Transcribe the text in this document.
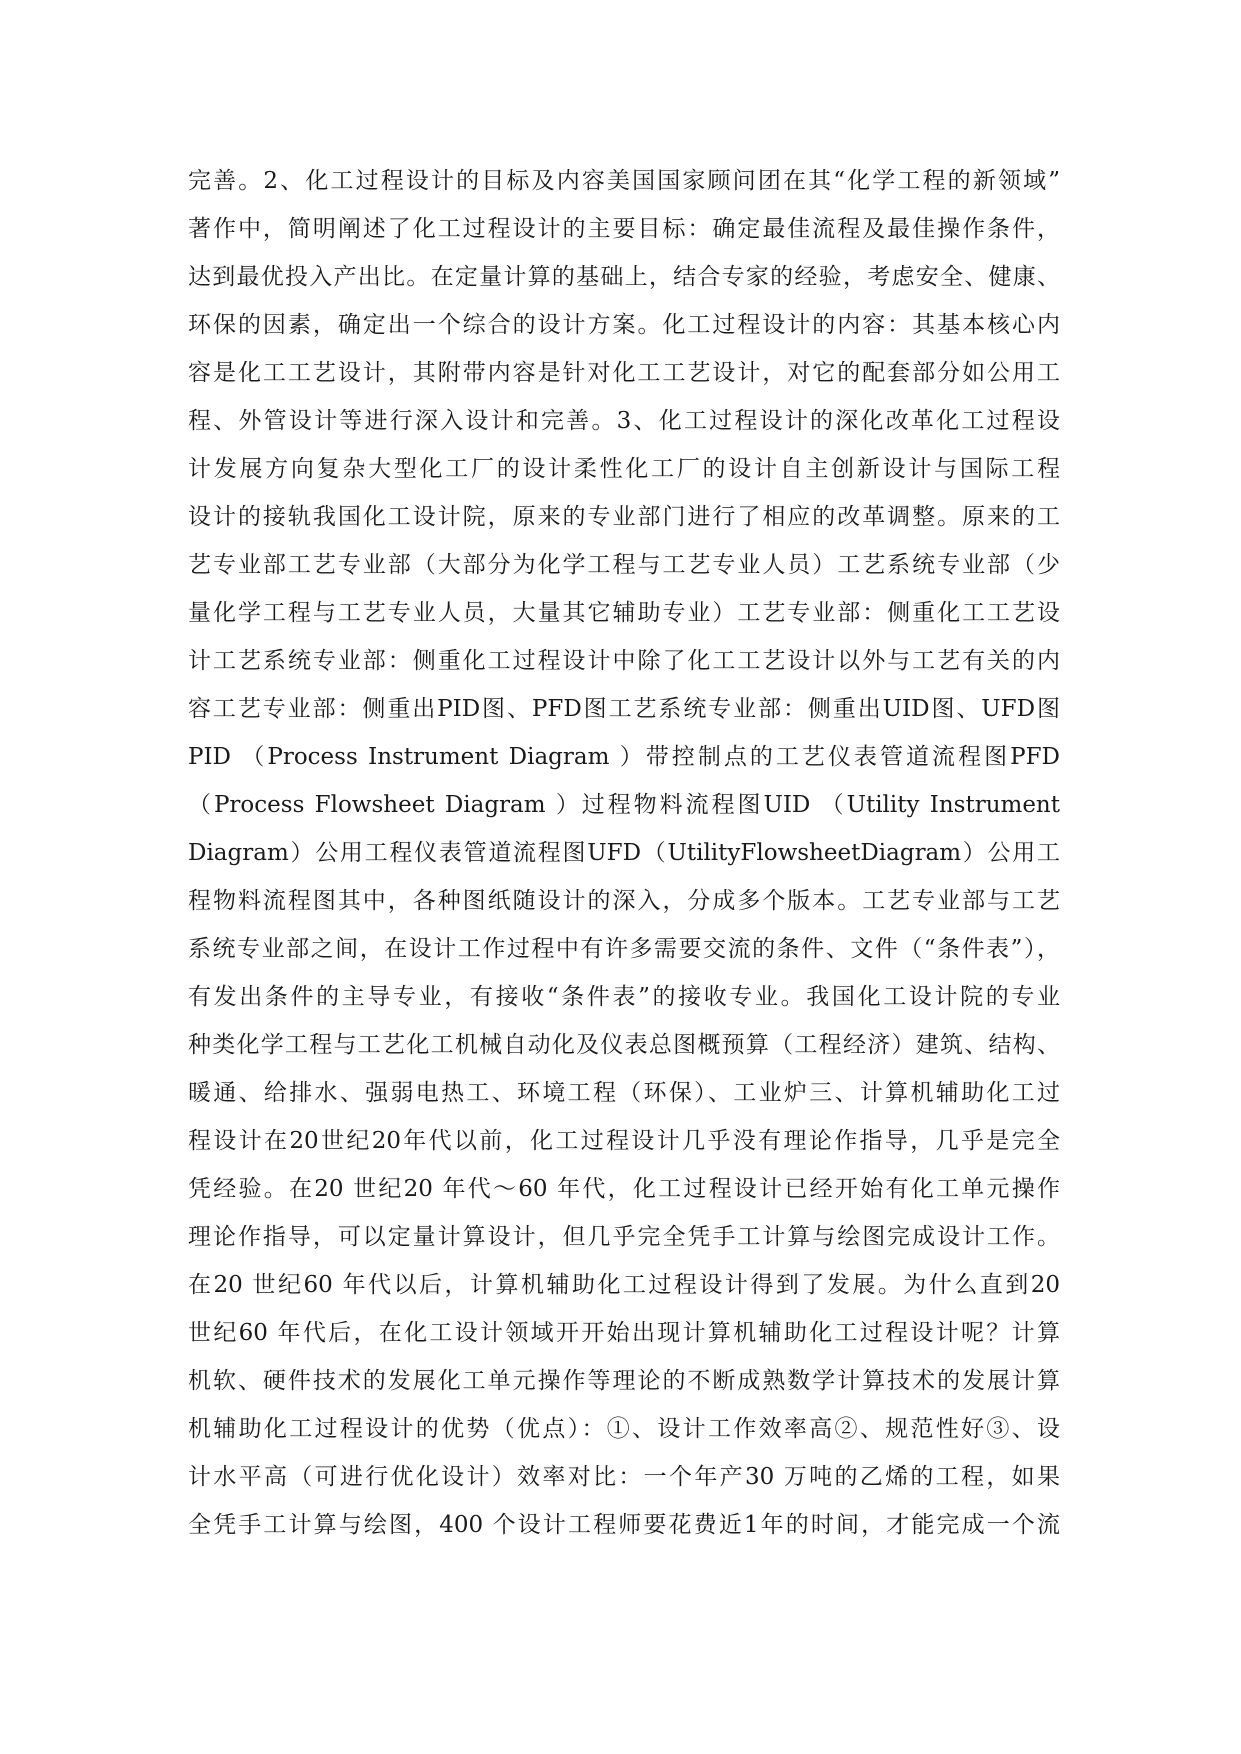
完善。2、化工过程设计的目标及内容美国国家顾问团在其“化学工程的新领域”
著作中，简明阐述了化工过程设计的主要目标：确定最佳流程及最佳操作条件，
达到最优投入产出比。在定量计算的基础上，结合专家的经验，考虑安全、健康、
环保的因素，确定出一个综合的设计方案。化工过程设计的内容：其基本核心内
容是化工工艺设计，其附带内容是针对化工工艺设计，对它的配套部分如公用工
程、外管设计等进行深入设计和完善。3、化工过程设计的深化改革化工过程设
计发展方向复杂大型化工厂的设计柔性化工厂的设计自主创新设计与国际工程
设计的接轨我国化工设计院，原来的专业部门进行了相应的改革调整。原来的工
艺专业部工艺专业部（大部分为化学工程与工艺专业人员）工艺系统专业部（少
量化学工程与工艺专业人员，大量其它辅助专业）工艺专业部：侧重化工工艺设
计工艺系统专业部：侧重化工过程设计中除了化工工艺设计以外与工艺有关的内
容工艺专业部：侧重出PID图、PFD图工艺系统专业部：侧重出UID图、UFD图
PID （Process Instrument Diagram ）带控制点的工艺仪表管道流程图PFD
（Process Flowsheet Diagram ）过程物料流程图UID （Utility Instrument
Diagram）公用工程仪表管道流程图UFD（UtilityFlowsheetDiagram）公用工
程物料流程图其中，各种图纸随设计的深入，分成多个版本。工艺专业部与工艺
系统专业部之间，在设计工作过程中有许多需要交流的条件、文件（“条件表”），
有发出条件的主导专业，有接收“条件表”的接收专业。我国化工设计院的专业
种类化学工程与工艺化工机械自动化及仪表总图概预算（工程经济）建筑、结构、
暖通、给排水、强弱电热工、环境工程（环保）、工业炉三、计算机辅助化工过
程设计在20世纪20年代以前，化工过程设计几乎没有理论作指导，几乎是完全
凭经验。在20 世纪20 年代～60 年代，化工过程设计已经开始有化工单元操作
理论作指导，可以定量计算设计，但几乎完全凭手工计算与绘图完成设计工作。
在20 世纪60 年代以后，计算机辅助化工过程设计得到了发展。为什么直到20
世纪60 年代后，在化工设计领域开开始出现计算机辅助化工过程设计呢？计算
机软、硬件技术的发展化工单元操作等理论的不断成熟数学计算技术的发展计算
机辅助化工过程设计的优势（优点）：①、设计工作效率高②、规范性好③、设
计水平高（可进行优化设计）效率对比：一个年产30 万吨的乙烯的工程，如果
全凭手工计算与绘图，400 个设计工程师要花费近1年的时间，才能完成一个流
